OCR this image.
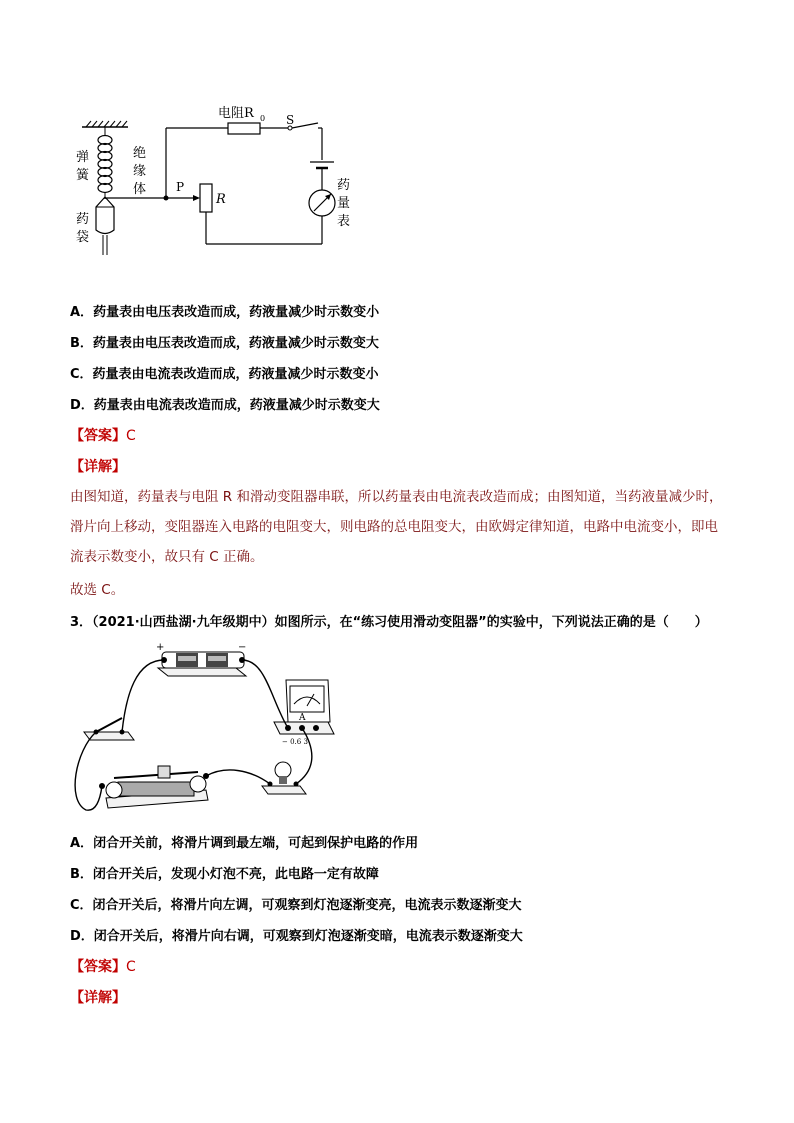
电阻R 0 S
弹
簧
绝
缘
体
药
袋
P
R
药
量
表
A．药量表由电压表改造而成，药液量减少时示数变小
B．药量表由电压表改造而成，药液量减少时示数变大
C．药量表由电流表改造而成，药液量减少时示数变小
D．药量表由电流表改造而成，药液量减少时示数变大
【答案】C
【详解】
由图知道，药量表与电阻 R 和滑动变阻器串联，所以药量表由电流表改造而成；由图知道，当药液量减少时，滑片向上移动，变阻器连入电路的电阻变大，则电路的总电阻变大，由欧姆定律知道，电路中电流变小，即电流表示数变小，故只有 C 正确。
故选 C。
3．（2021·山西盐湖·九年级期中）如图所示，在“练习使用滑动变阻器”的实验中，下列说法正确的是（　　）
+	−
A
− 0.6 3
A．闭合开关前，将滑片调到最左端，可起到保护电路的作用
B．闭合开关后，发现小灯泡不亮，此电路一定有故障
C．闭合开关后，将滑片向左调，可观察到灯泡逐渐变亮，电流表示数逐渐变大
D．闭合开关后，将滑片向右调，可观察到灯泡逐渐变暗，电流表示数逐渐变大
【答案】C
【详解】
